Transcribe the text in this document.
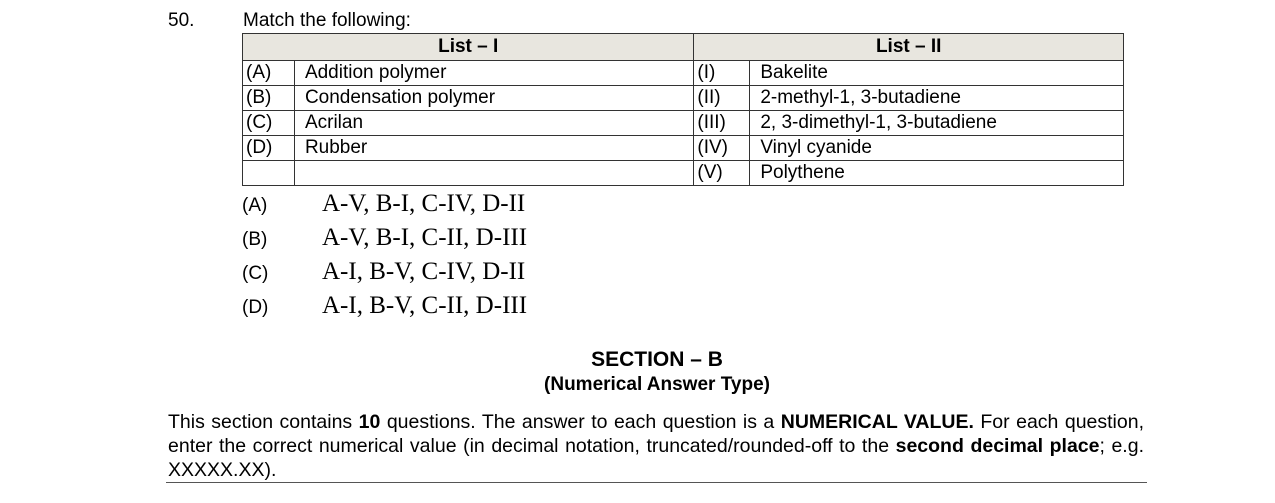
50.	Match the following:
List – I		List – II	
(A)	Addition polymer	(I)	Bakelite
(B)	Condensation polymer	(II)	2-methyl-1, 3-butadiene
(C)	Acrilan	(III)	2, 3-dimethyl-1, 3-butadiene
(D)	Rubber	(IV)	Vinyl cyanide
		(V)	Polythene
(A)	A-V, B-I, C-IV, D-II
(B)	A-V, B-I, C-II, D-III
(C)	A-I, B-V, C-IV, D-II
(D)	A-I, B-V, C-II, D-III
SECTION – B
(Numerical Answer Type)
This section contains 10 questions. The answer to each question is a NUMERICAL VALUE. For each question, enter the correct numerical value (in decimal notation, truncated/rounded-off to the second decimal place; e.g. XXXXX.XX).
